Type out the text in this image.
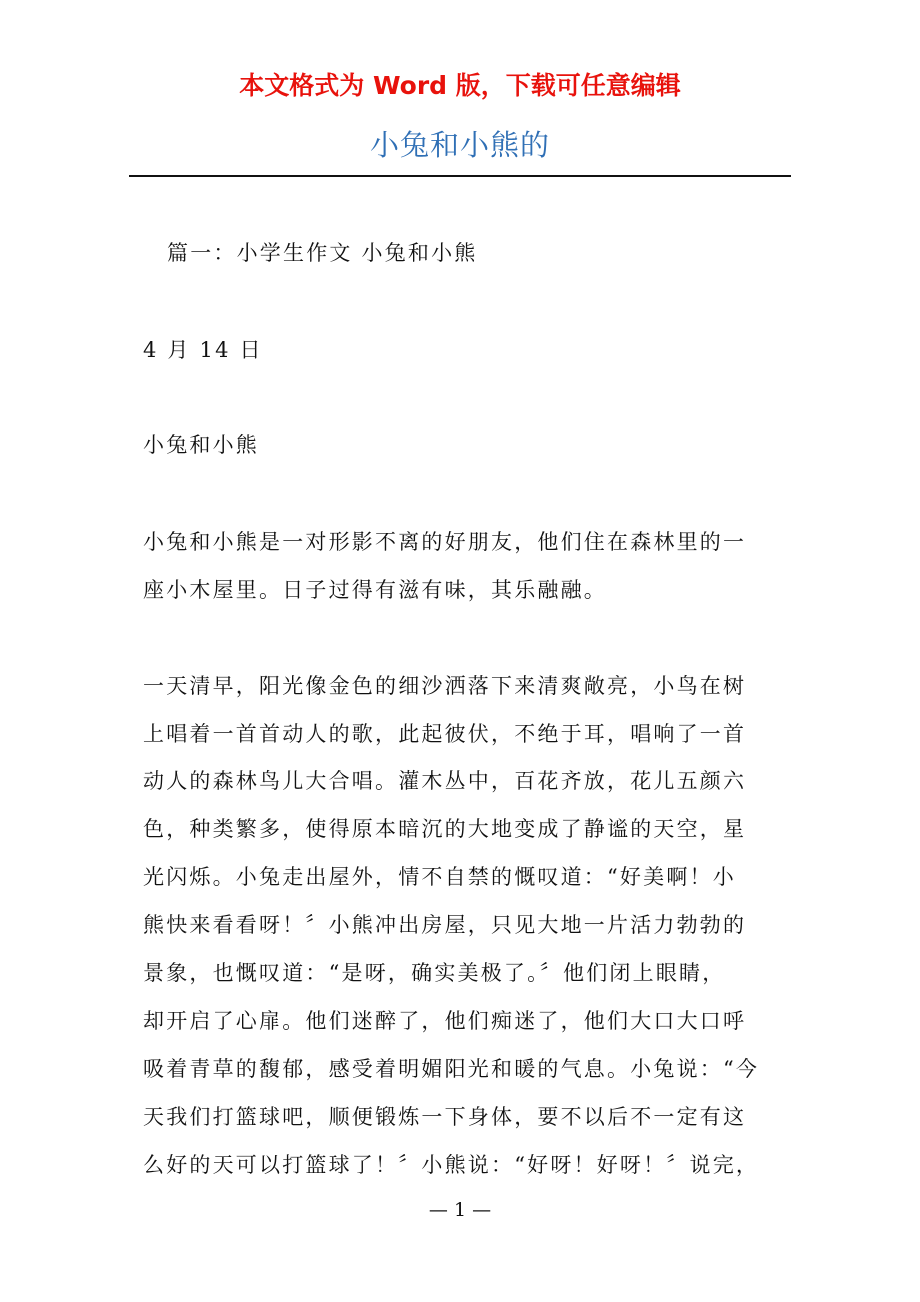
本文格式为 Word 版，下载可任意编辑
小兔和小熊的
篇一：小学生作文 小兔和小熊
4 月 14 日
小兔和小熊
小兔和小熊是一对形影不离的好朋友，他们住在森林里的一
座小木屋里。日子过得有滋有味，其乐融融。
一天清早，阳光像金色的细沙洒落下来清爽敞亮，小鸟在树
上唱着一首首动人的歌，此起彼伏，不绝于耳，唱响了一首
动人的森林鸟儿大合唱。灌木丛中，百花齐放，花儿五颜六
色，种类繁多，使得原本暗沉的大地变成了静谧的天空，星
光闪烁。小兔走出屋外，情不自禁的慨叹道：“好美啊！小
熊快来看看呀！〞小熊冲出房屋，只见大地一片活力勃勃的
景象，也慨叹道：“是呀，确实美极了。〞他们闭上眼睛，
却开启了心扉。他们迷醉了，他们痴迷了，他们大口大口呼
吸着青草的馥郁，感受着明媚阳光和暖的气息。小兔说：“今
天我们打篮球吧，顺便锻炼一下身体，要不以后不一定有这
么好的天可以打篮球了！〞小熊说：“好呀！好呀！〞说完，
— 1 —
